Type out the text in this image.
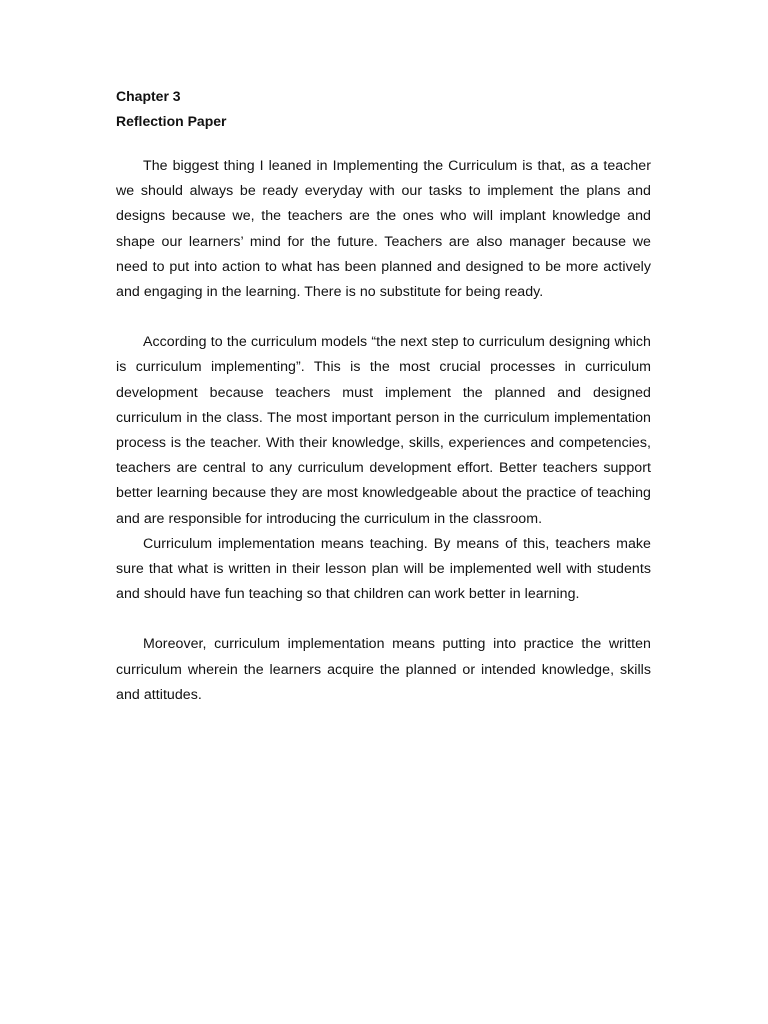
Chapter 3

Reflection Paper

The biggest thing I leaned in Implementing the Curriculum is that, as a teacher we should always be ready everyday with our tasks to implement the plans and designs because we, the teachers are the ones who will implant knowledge and shape our learners’ mind for the future. Teachers are also manager because we need to put into action to what has been planned and designed to be more actively and engaging in the learning. There is no substitute for being ready.

According to the curriculum models “the next step to curriculum designing which is curriculum implementing”. This is the most crucial processes in curriculum development because teachers must implement the planned and designed curriculum in the class. The most important person in the curriculum implementation process is the teacher. With their knowledge, skills, experiences and competencies, teachers are central to any curriculum development effort. Better teachers support better learning because they are most knowledgeable about the practice of teaching and are responsible for introducing the curriculum in the classroom.

Curriculum implementation means teaching. By means of this, teachers make sure that what is written in their lesson plan will be implemented well with students and should have fun teaching so that children can work better in learning.

Moreover, curriculum implementation means putting into practice the written curriculum wherein the learners acquire the planned or intended knowledge, skills and attitudes.
